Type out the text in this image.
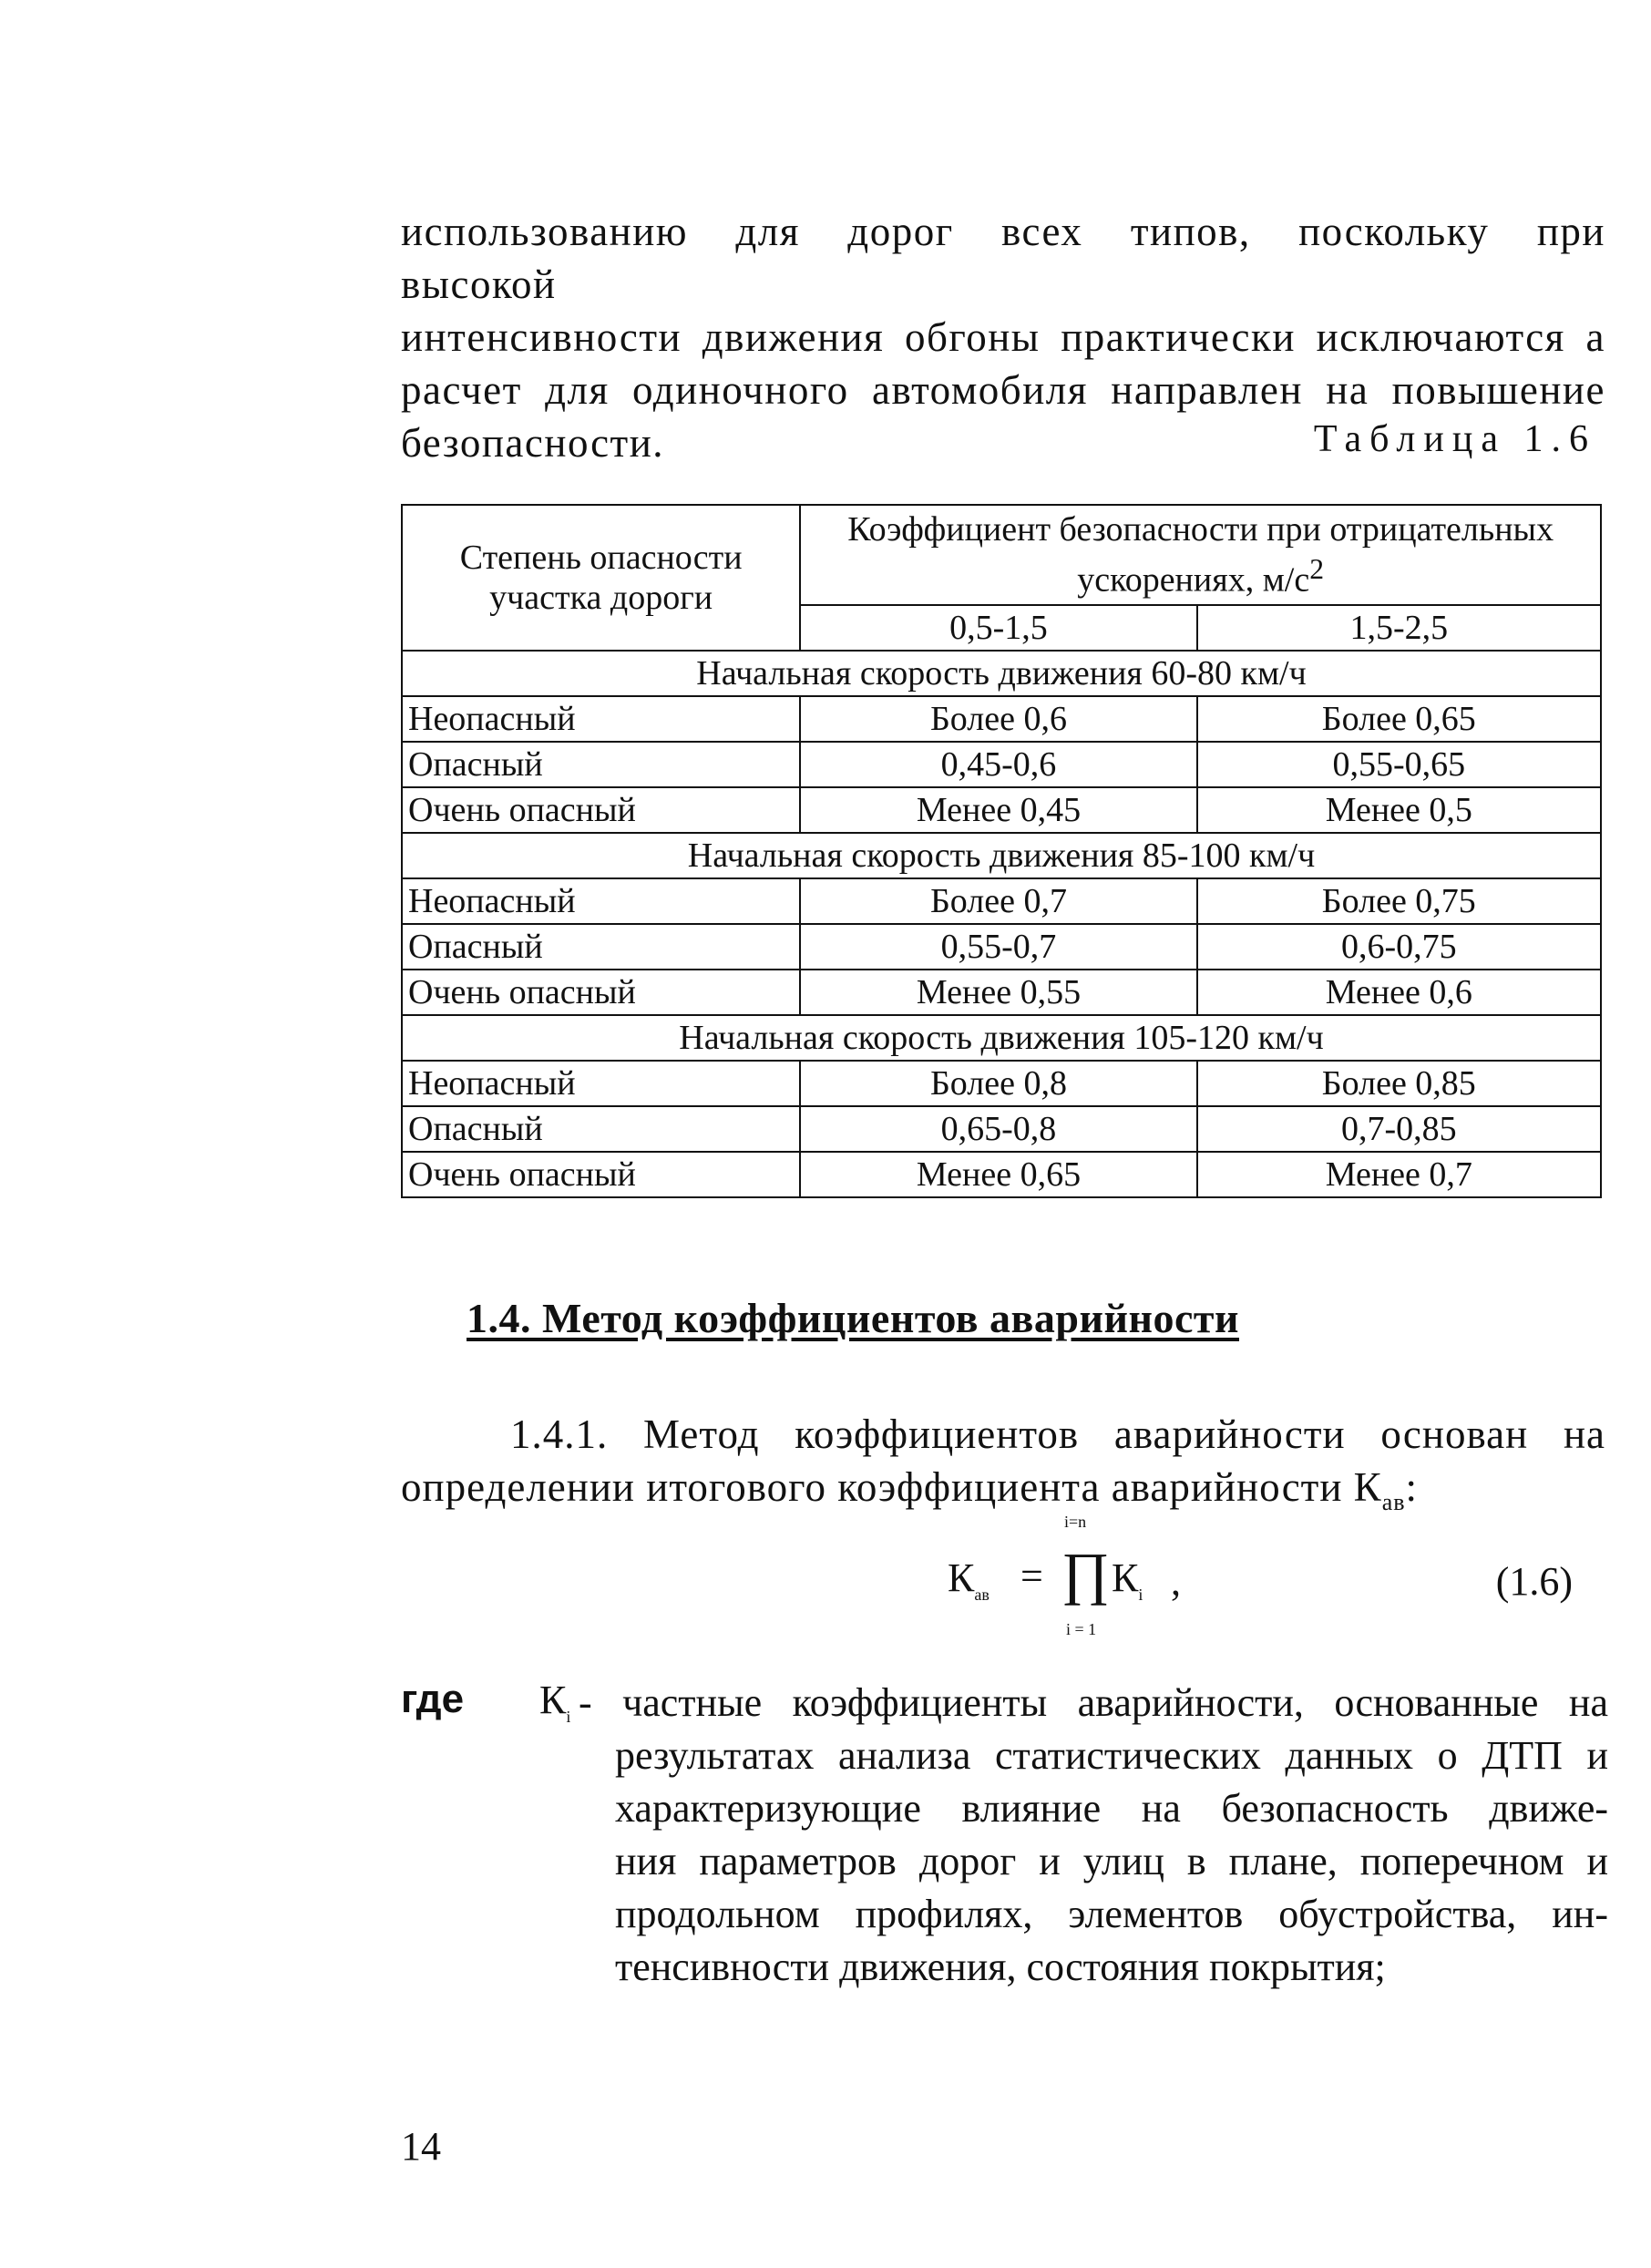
использованию для дорог всех типов, поскольку при высокой
интенсивности движения обгоны практически исключаются а
расчет для одиночного автомобиля направлен на повышение
безопасности.	Таблица 1.6
Степень опасности участка дороги	Коэффициент безопасности при отрицательных ускорениях, $м/с^2$
	0,5-1,5	1,5-2,5
Начальная скорость движения 60-80 км/ч		
Неопасный	Более 0,6	Более 0,65
Опасный	0,45-0,6	0,55-0,65
Очень опасный	Менее 0,45	Менее 0,5
Начальная скорость движения 85-100 км/ч		
Неопасный	Более 0,7	Более 0,75
Опасный	0,55-0,7	0,6-0,75
Очень опасный	Менее 0,55	Менее 0,6
Начальная скорость движения 105-120 км/ч		
Неопасный	Более 0,8	Более 0,85
Опасный	0,65-0,8	0,7-0,85
Очень опасный	Менее 0,65	Менее 0,7
1.4. Метод коэффициентов аварийности
1.4.1. Метод коэффициентов аварийности основан на
определении итогового коэффициента аварийности $К_{ав}$:
$К_{ав}$ =
i=n
∏
i = 1
$К_i$ ,	(1.6)
где $К_i$ - частные коэффициенты аварийности, основанные на
результатах анализа статистических данных о ДТП и
характеризующие влияние на безопасность движе-
ния параметров дорог и улиц в плане, поперечном и
продольном профилях, элементов обустройства, ин-
тенсивности движения, состояния покрытия;
14
